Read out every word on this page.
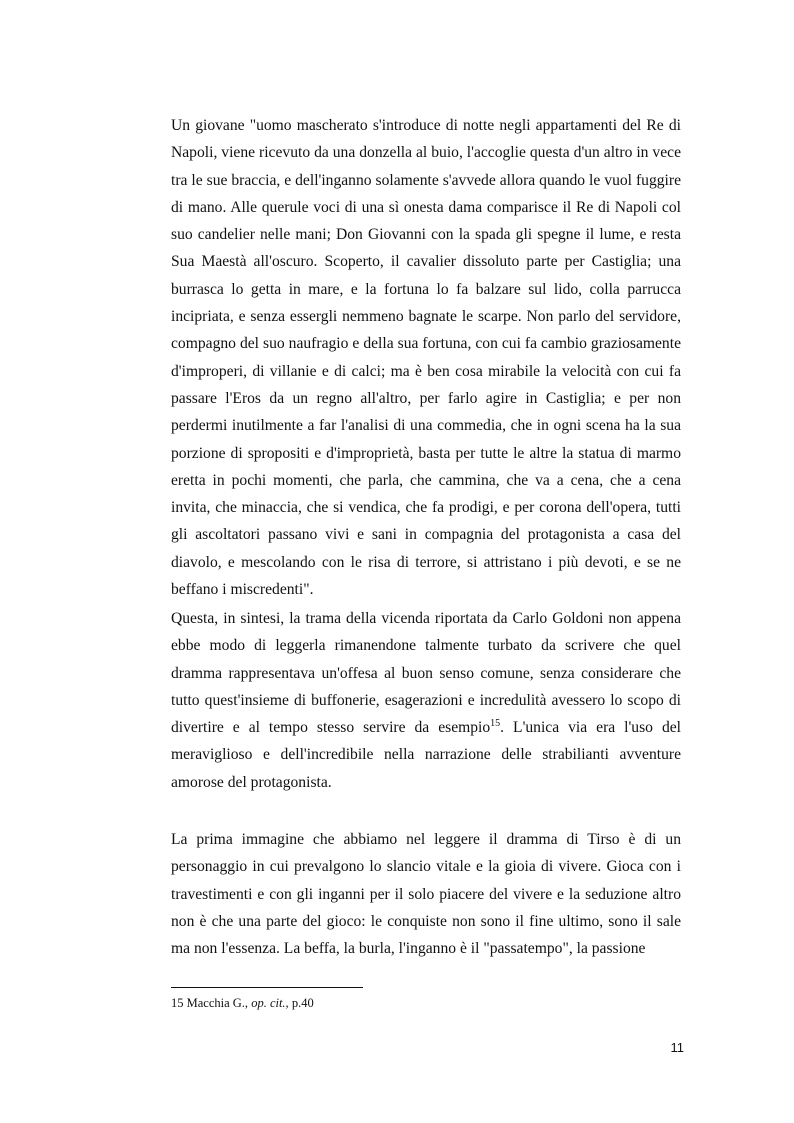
Un giovane "uomo mascherato s'introduce di notte negli appartamenti del Re di Napoli, viene ricevuto da una donzella al buio, l'accoglie questa d'un altro in vece tra le sue braccia, e dell'inganno solamente s'avvede allora quando le vuol fuggire di mano. Alle querule voci di una sì onesta dama comparisce il Re di Napoli col suo candelier nelle mani; Don Giovanni con la spada gli spegne il lume, e resta Sua Maestà all'oscuro. Scoperto, il cavalier dissoluto parte per Castiglia; una burrasca lo getta in mare, e la fortuna lo fa balzare sul lido, colla parrucca incipriata, e senza essergli nemmeno bagnate le scarpe. Non parlo del servidore, compagno del suo naufragio e della sua fortuna, con cui fa cambio graziosamente d'improperi, di villanie e di calci; ma è ben cosa mirabile la velocità con cui fa passare l'Eros da un regno all'altro, per farlo agire in Castiglia; e per non perdermi inutilmente a far l'analisi di una commedia, che in ogni scena ha la sua porzione di spropositi e d'improprietà, basta per tutte le altre la statua di marmo eretta in pochi momenti, che parla, che cammina, che va a cena, che a cena invita, che minaccia, che si vendica, che fa prodigi, e per corona dell'opera, tutti gli ascoltatori passano vivi e sani in compagnia del protagonista a casa del diavolo, e mescolando con le risa di terrore, si attristano i più devoti, e se ne beffano i miscredenti".

Questa, in sintesi, la trama della vicenda riportata da Carlo Goldoni non appena ebbe modo di leggerla rimanendone talmente turbato da scrivere che quel dramma rappresentava un'offesa al buon senso comune, senza considerare che tutto quest'insieme di buffonerie, esagerazioni e incredulità avessero lo scopo di divertire e al tempo stesso servire da esempio$^{15}$. L'unica via era l'uso del meraviglioso e dell'incredibile nella narrazione delle strabilianti avventure amorose del protagonista.

La prima immagine che abbiamo nel leggere il dramma di Tirso è di un personaggio in cui prevalgono lo slancio vitale e la gioia di vivere. Gioca con i travestimenti e con gli inganni per il solo piacere del vivere e la seduzione altro non è che una parte del gioco: le conquiste non sono il fine ultimo, sono il sale ma non l'essenza. La beffa, la burla, l'inganno è il "passatempo", la passione

15 Macchia G., op. cit., p.40

11
